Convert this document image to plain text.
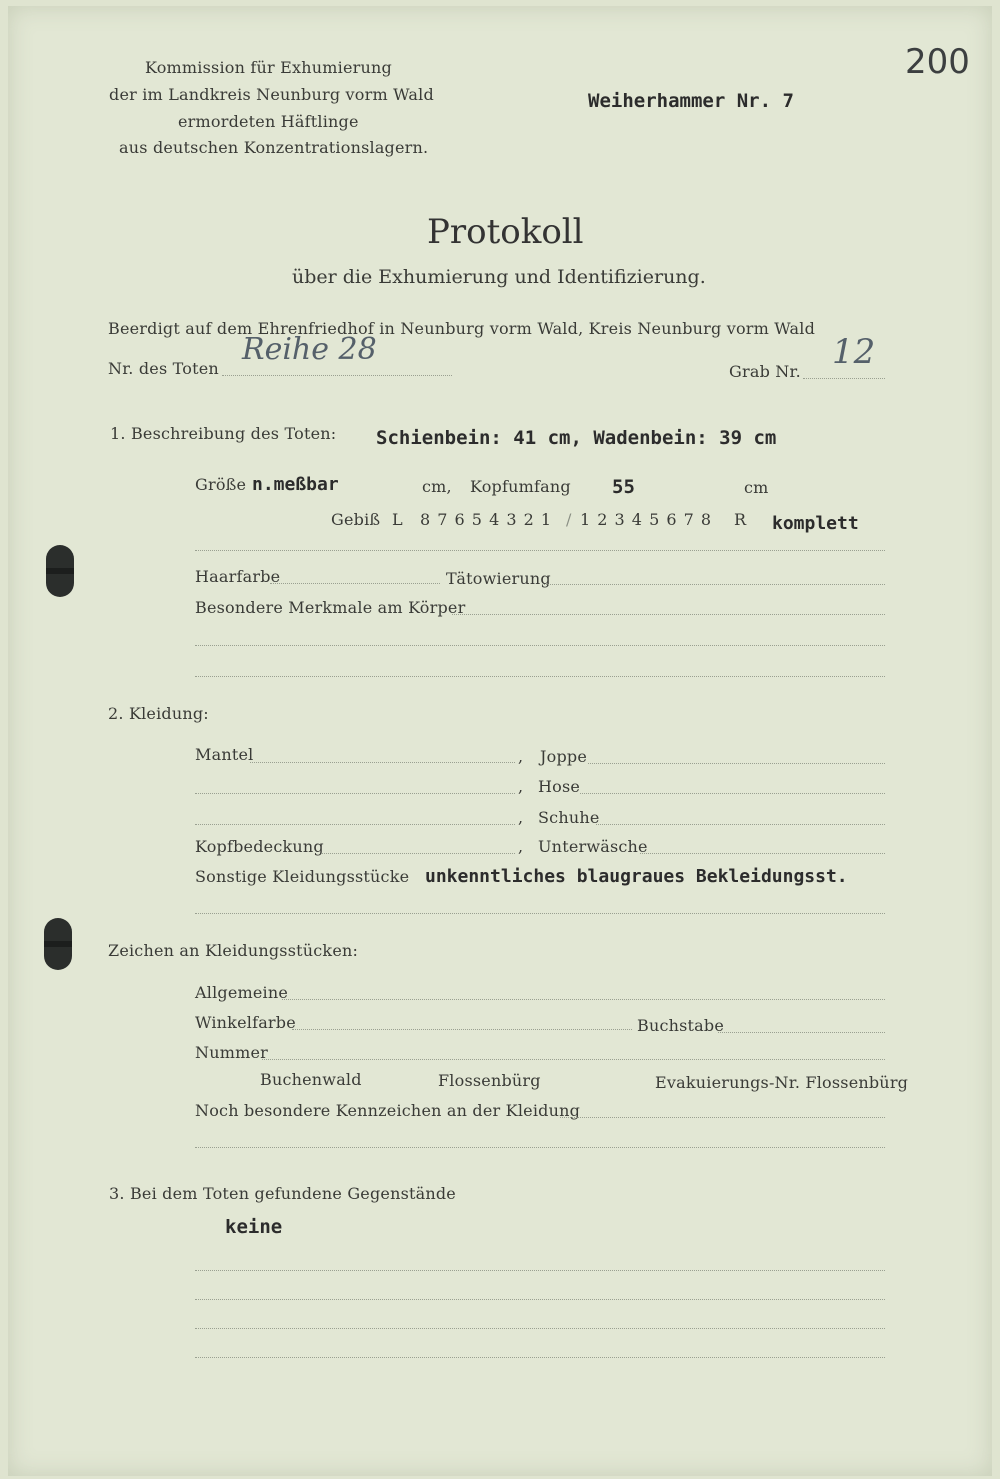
Kommission für Exhumierung
der im Landkreis Neunburg vorm Wald
ermordeten Häftlinge
aus deutschen Konzentrationslagern.
Weiherhammer Nr. 7
200
Protokoll
über die Exhumierung und Identifizierung.
Beerdigt auf dem Ehrenfriedhof in Neunburg vorm Wald, Kreis Neunburg vorm Wald
Nr. des Toten
Reihe 28
Grab Nr. 12
1. Beschreibung des Toten: Schienbein: 41 cm, Wadenbein: 39 cm
Größe n.meßbar	cm, Kopfumfang 55	cm
Gebiß L 8 7 6 5 4 3 2 1 / 1 2 3 4 5 6 7 8 R komplett
Haarfarbe	Tätowierung
Besondere Merkmale am Körper
2. Kleidung:
Mantel	, Joppe
, Hose
, Schuhe
Kopfbedeckung	, Unterwäsche
Sonstige Kleidungsstücke unkenntliches blaugraues Bekleidungsst.
Zeichen an Kleidungsstücken:
Allgemeine
Winkelfarbe	Buchstabe
Nummer
Buchenwald	Flossenbürg	Evakuierungs-Nr. Flossenbürg
Noch besondere Kennzeichen an der Kleidung
3. Bei dem Toten gefundene Gegenstände
keine
